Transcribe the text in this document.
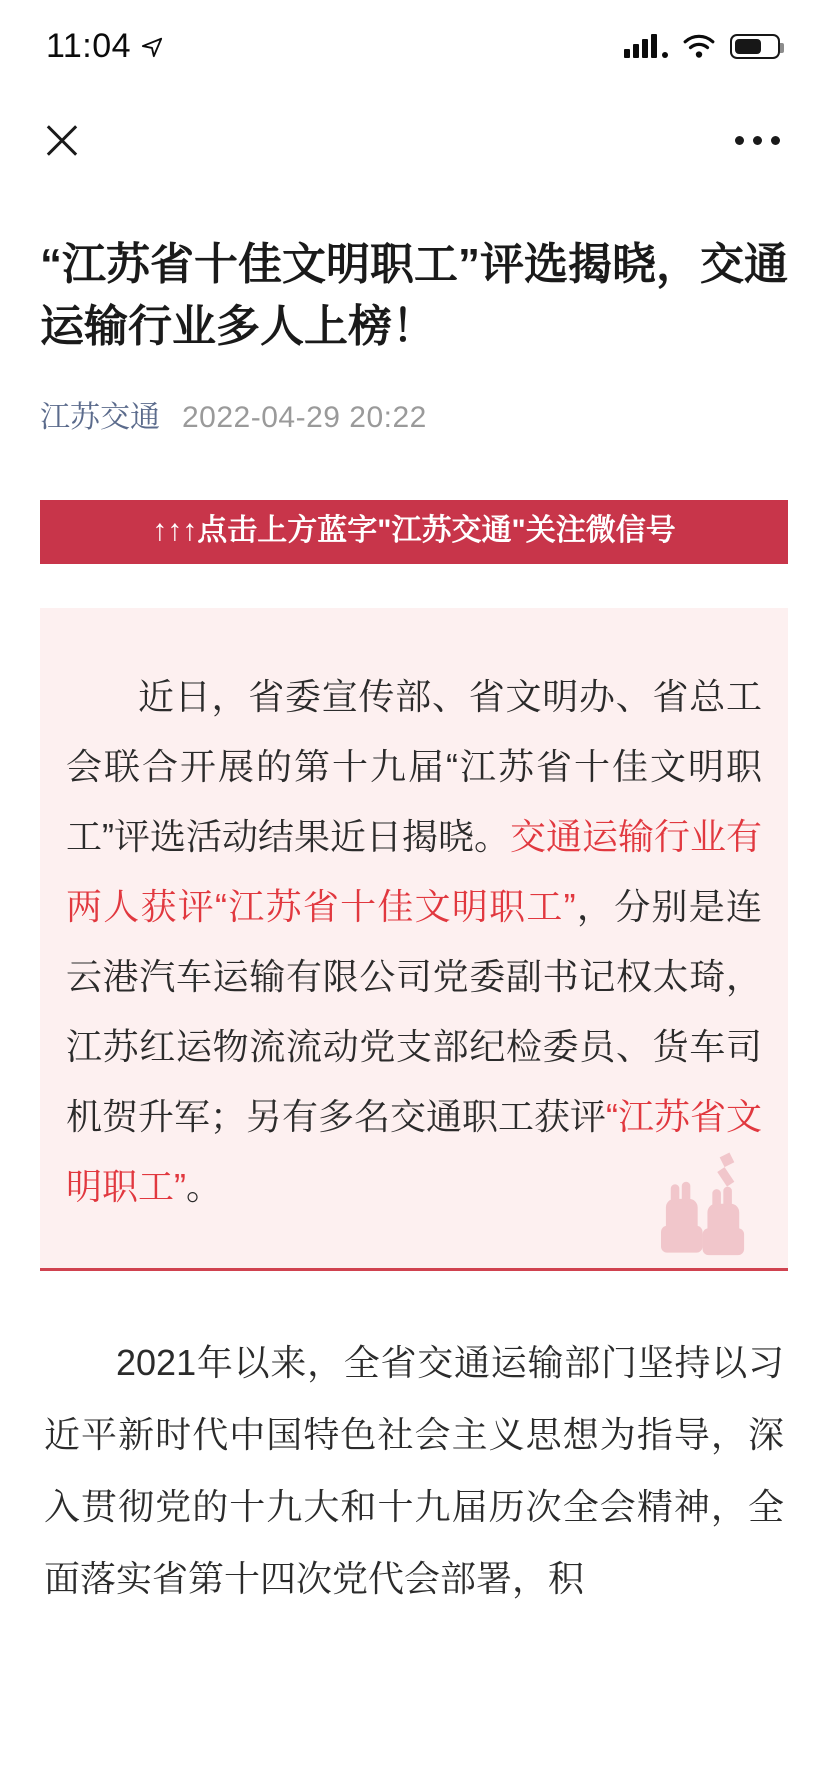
11:04
“江苏省十佳文明职工”评选揭晓，交通运输行业多人上榜！
江苏交通 2022-04-29 20:22
↑↑↑点击上方蓝字"江苏交通"关注微信号

近日，省委宣传部、省文明办、省总工会联合开展的第十九届“江苏省十佳文明职工”评选活动结果近日揭晓。交通运输行业有两人获评“江苏省十佳文明职工”，分别是连云港汽车运输有限公司党委副书记权太琦，江苏红运物流流动党支部纪检委员、货车司机贺升军；另有多名交通职工获评“江苏省文明职工”。

2021年以来，全省交通运输部门坚持以习近平新时代中国特色社会主义思想为指导，深入贯彻党的十九大和十九届历次全会精神，全面落实省第十四次党代会部署，积
